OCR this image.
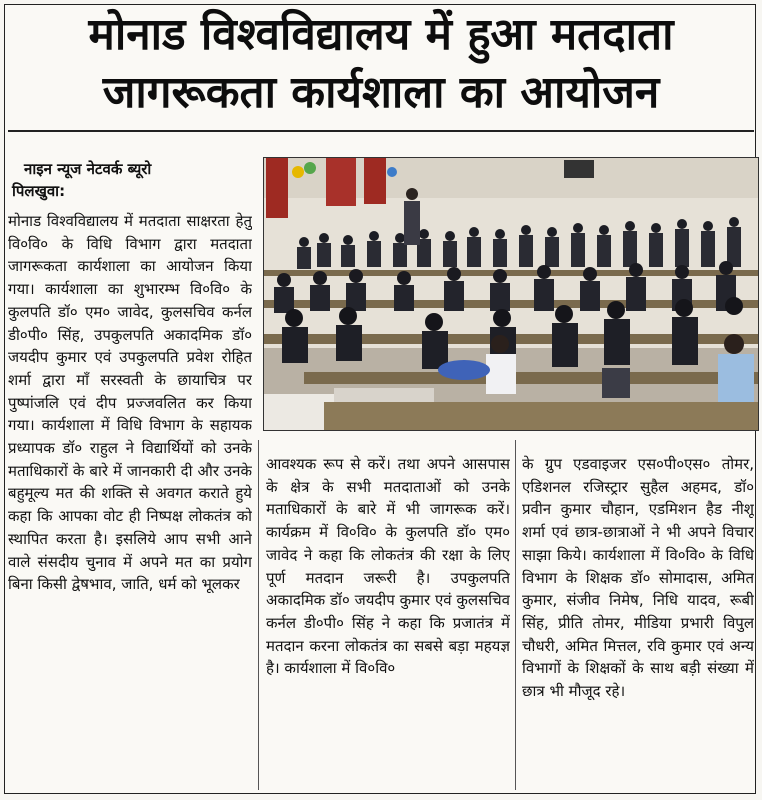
मोनाड विश्वविद्यालय में हुआ मतदाता
जागरूकता कार्यशाला का आयोजन
नाइन न्यूज नेटवर्क ब्यूरो
पिलखुवा:
मोनाड विश्वविद्यालय में मतदाता साक्षरता हेतु वि०वि० के विधि विभाग द्वारा मतदाता जागरूकता कार्यशाला का आयोजन किया गया। कार्यशाला का शुभारम्भ वि०वि० के कुलपति डॉ० एम० जावेद, कुलसचिव कर्नल डी०पी० सिंह, उपकुलपति अकादमिक डॉ० जयदीप कुमार एवं उपकुलपति प्रवेश रोहित शर्मा द्वारा माँ सरस्वती के छायाचित्र पर पुष्पांजलि एवं दीप प्रज्जवलित कर किया गया। कार्यशाला में विधि विभाग के सहायक प्रध्यापक डॉ० राहुल ने विद्यार्थियों को उनके मताधिकारों के बारे में जानकारी दी और उनके बहुमूल्य मत की शक्ति से अवगत कराते हुये कहा कि आपका वोट ही निष्पक्ष लोकतंत्र को स्थापित करता है। इसलिये आप सभी आने वाले संसदीय चुनाव में अपने मत का प्रयोग बिना किसी द्वेषभाव, जाति, धर्म को भूलकर
आवश्यक रूप से करें। तथा अपने आसपास के क्षेत्र के सभी मतदाताओं को उनके मताधिकारों के बारे में भी जागरूक करें। कार्यक्रम में वि०वि० के कुलपति डॉ० एम० जावेद ने कहा कि लोकतंत्र की रक्षा के लिए पूर्ण मतदान जरूरी है। उपकुलपति अकादमिक डॉ० जयदीप कुमार एवं कुलसचिव कर्नल डी०पी० सिंह ने कहा कि प्रजातंत्र में मतदान करना लोकतंत्र का सबसे बड़ा महयज्ञ है। कार्यशाला में वि०वि०
के ग्रुप एडवाइजर एस०पी०एस० तोमर, एडिशनल रजिस्ट्रार सुहैल अहमद, डॉ० प्रवीन कुमार चौहान, एडमिशन हैड नीशू शर्मा एवं छात्र-छात्राओं ने भी अपने विचार साझा किये। कार्यशाला में वि०वि० के विधि विभाग के शिक्षक डॉ० सोमादास, अमित कुमार, संजीव निमेष, निधि यादव, रूबी सिंह, प्रीति तोमर, मीडिया प्रभारी विपुल चौधरी, अमित मित्तल, रवि कुमार एवं अन्य विभागों के शिक्षकों के साथ बड़ी संख्या में छात्र भी मौजूद रहे।
